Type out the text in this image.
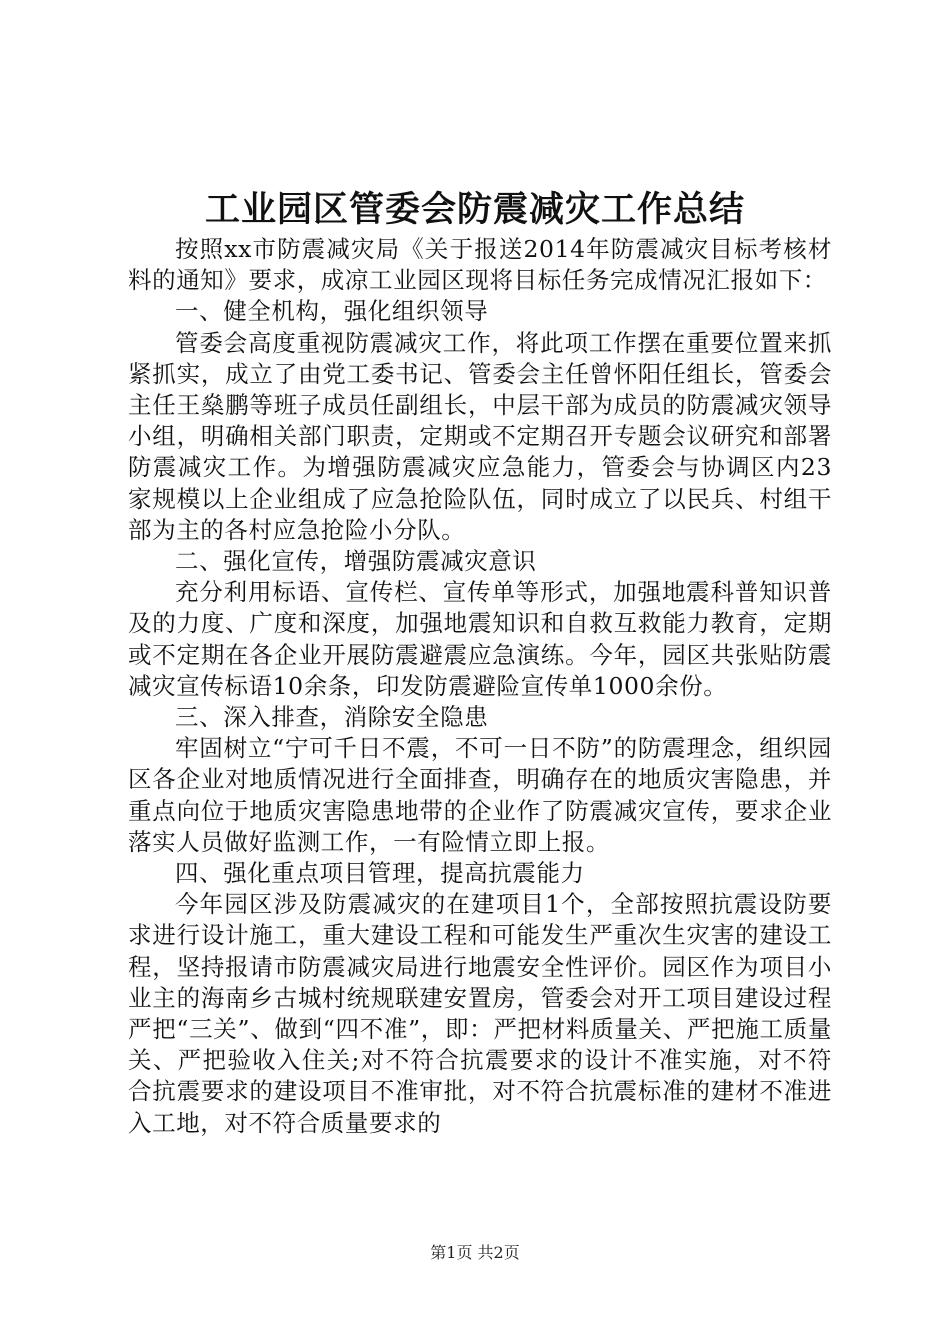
工业园区管委会防震减灾工作总结

按照xx市防震减灾局《关于报送2014年防震减灾目标考核材料的通知》要求，成凉工业园区现将目标任务完成情况汇报如下：

一、健全机构，强化组织领导

管委会高度重视防震减灾工作，将此项工作摆在重要位置来抓紧抓实，成立了由党工委书记、管委会主任曾怀阳任组长，管委会主任王燊鹏等班子成员任副组长，中层干部为成员的防震减灾领导小组，明确相关部门职责，定期或不定期召开专题会议研究和部署防震减灾工作。为增强防震减灾应急能力，管委会与协调区内23家规模以上企业组成了应急抢险队伍，同时成立了以民兵、村组干部为主的各村应急抢险小分队。

二、强化宣传，增强防震减灾意识

充分利用标语、宣传栏、宣传单等形式，加强地震科普知识普及的力度、广度和深度，加强地震知识和自救互救能力教育，定期或不定期在各企业开展防震避震应急演练。今年，园区共张贴防震减灾宣传标语10余条，印发防震避险宣传单1000余份。

三、深入排查，消除安全隐患

牢固树立“宁可千日不震，不可一日不防”的防震理念，组织园区各企业对地质情况进行全面排查，明确存在的地质灾害隐患，并重点向位于地质灾害隐患地带的企业作了防震减灾宣传，要求企业落实人员做好监测工作，一有险情立即上报。

四、强化重点项目管理，提高抗震能力

今年园区涉及防震减灾的在建项目1个，全部按照抗震设防要求进行设计施工，重大建设工程和可能发生严重次生灾害的建设工程，坚持报请市防震减灾局进行地震安全性评价。园区作为项目小业主的海南乡古城村统规联建安置房，管委会对开工项目建设过程严把“三关”、做到“四不准”，即：严把材料质量关、严把施工质量关、严把验收入住关;对不符合抗震要求的设计不准实施，对不符合抗震要求的建设项目不准审批，对不符合抗震标准的建材不准进入工地，对不符合质量要求的

第1页 共2页
